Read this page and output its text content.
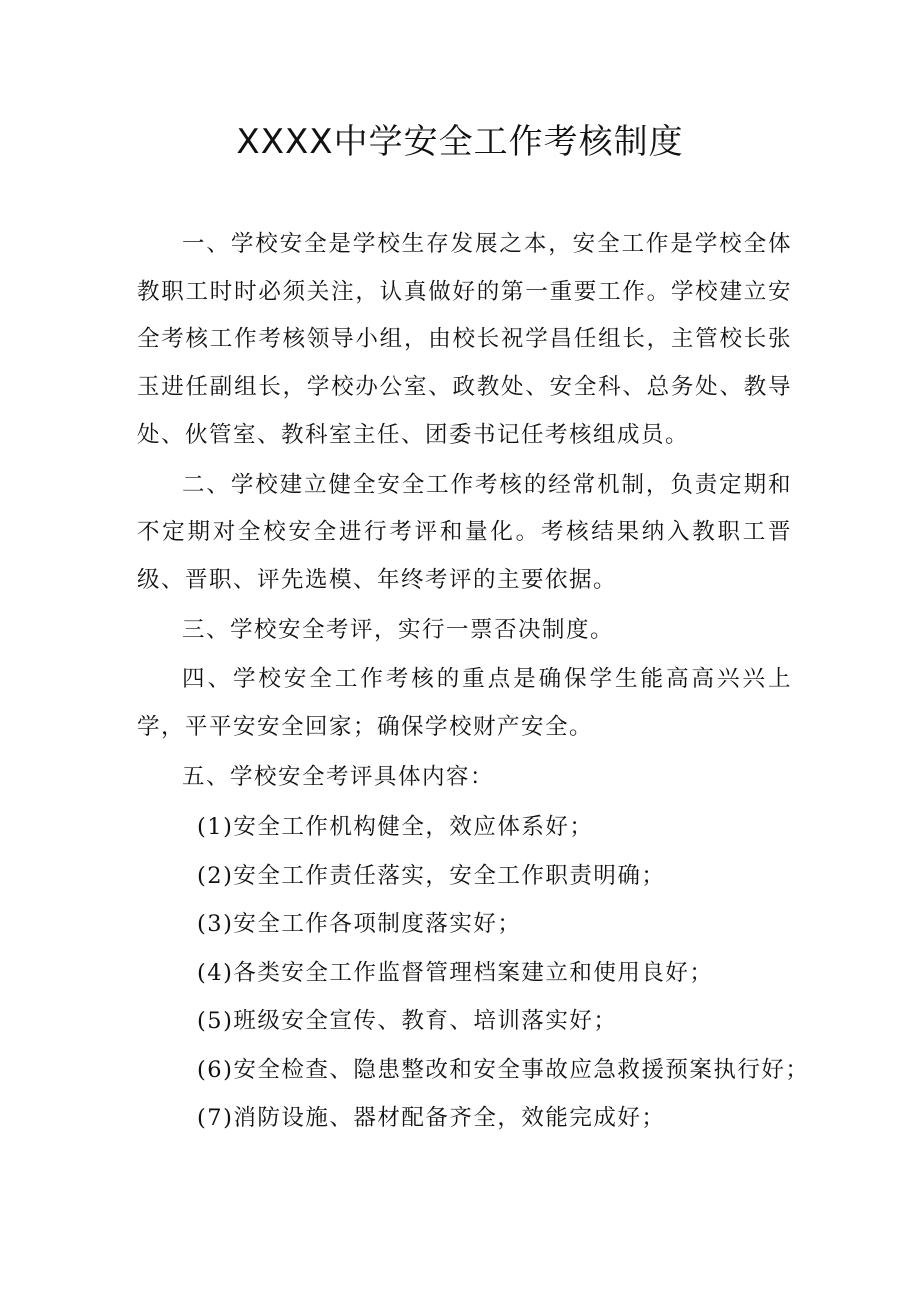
XXXX中学安全工作考核制度

一、学校安全是学校生存发展之本，安全工作是学校全体教职工时时必须关注，认真做好的第一重要工作。学校建立安全考核工作考核领导小组，由校长祝学昌任组长，主管校长张玉进任副组长，学校办公室、政教处、安全科、总务处、教导处、伙管室、教科室主任、团委书记任考核组成员。

二、学校建立健全安全工作考核的经常机制，负责定期和不定期对全校安全进行考评和量化。考核结果纳入教职工晋级、晋职、评先选模、年终考评的主要依据。

三、学校安全考评，实行一票否决制度。

四、学校安全工作考核的重点是确保学生能高高兴兴上学，平平安安全回家；确保学校财产安全。

五、学校安全考评具体内容：

(1)安全工作机构健全，效应体系好；

(2)安全工作责任落实，安全工作职责明确；

(3)安全工作各项制度落实好；

(4)各类安全工作监督管理档案建立和使用良好；

(5)班级安全宣传、教育、培训落实好；

(6)安全检查、隐患整改和安全事故应急救援预案执行好；

(7)消防设施、器材配备齐全，效能完成好；
